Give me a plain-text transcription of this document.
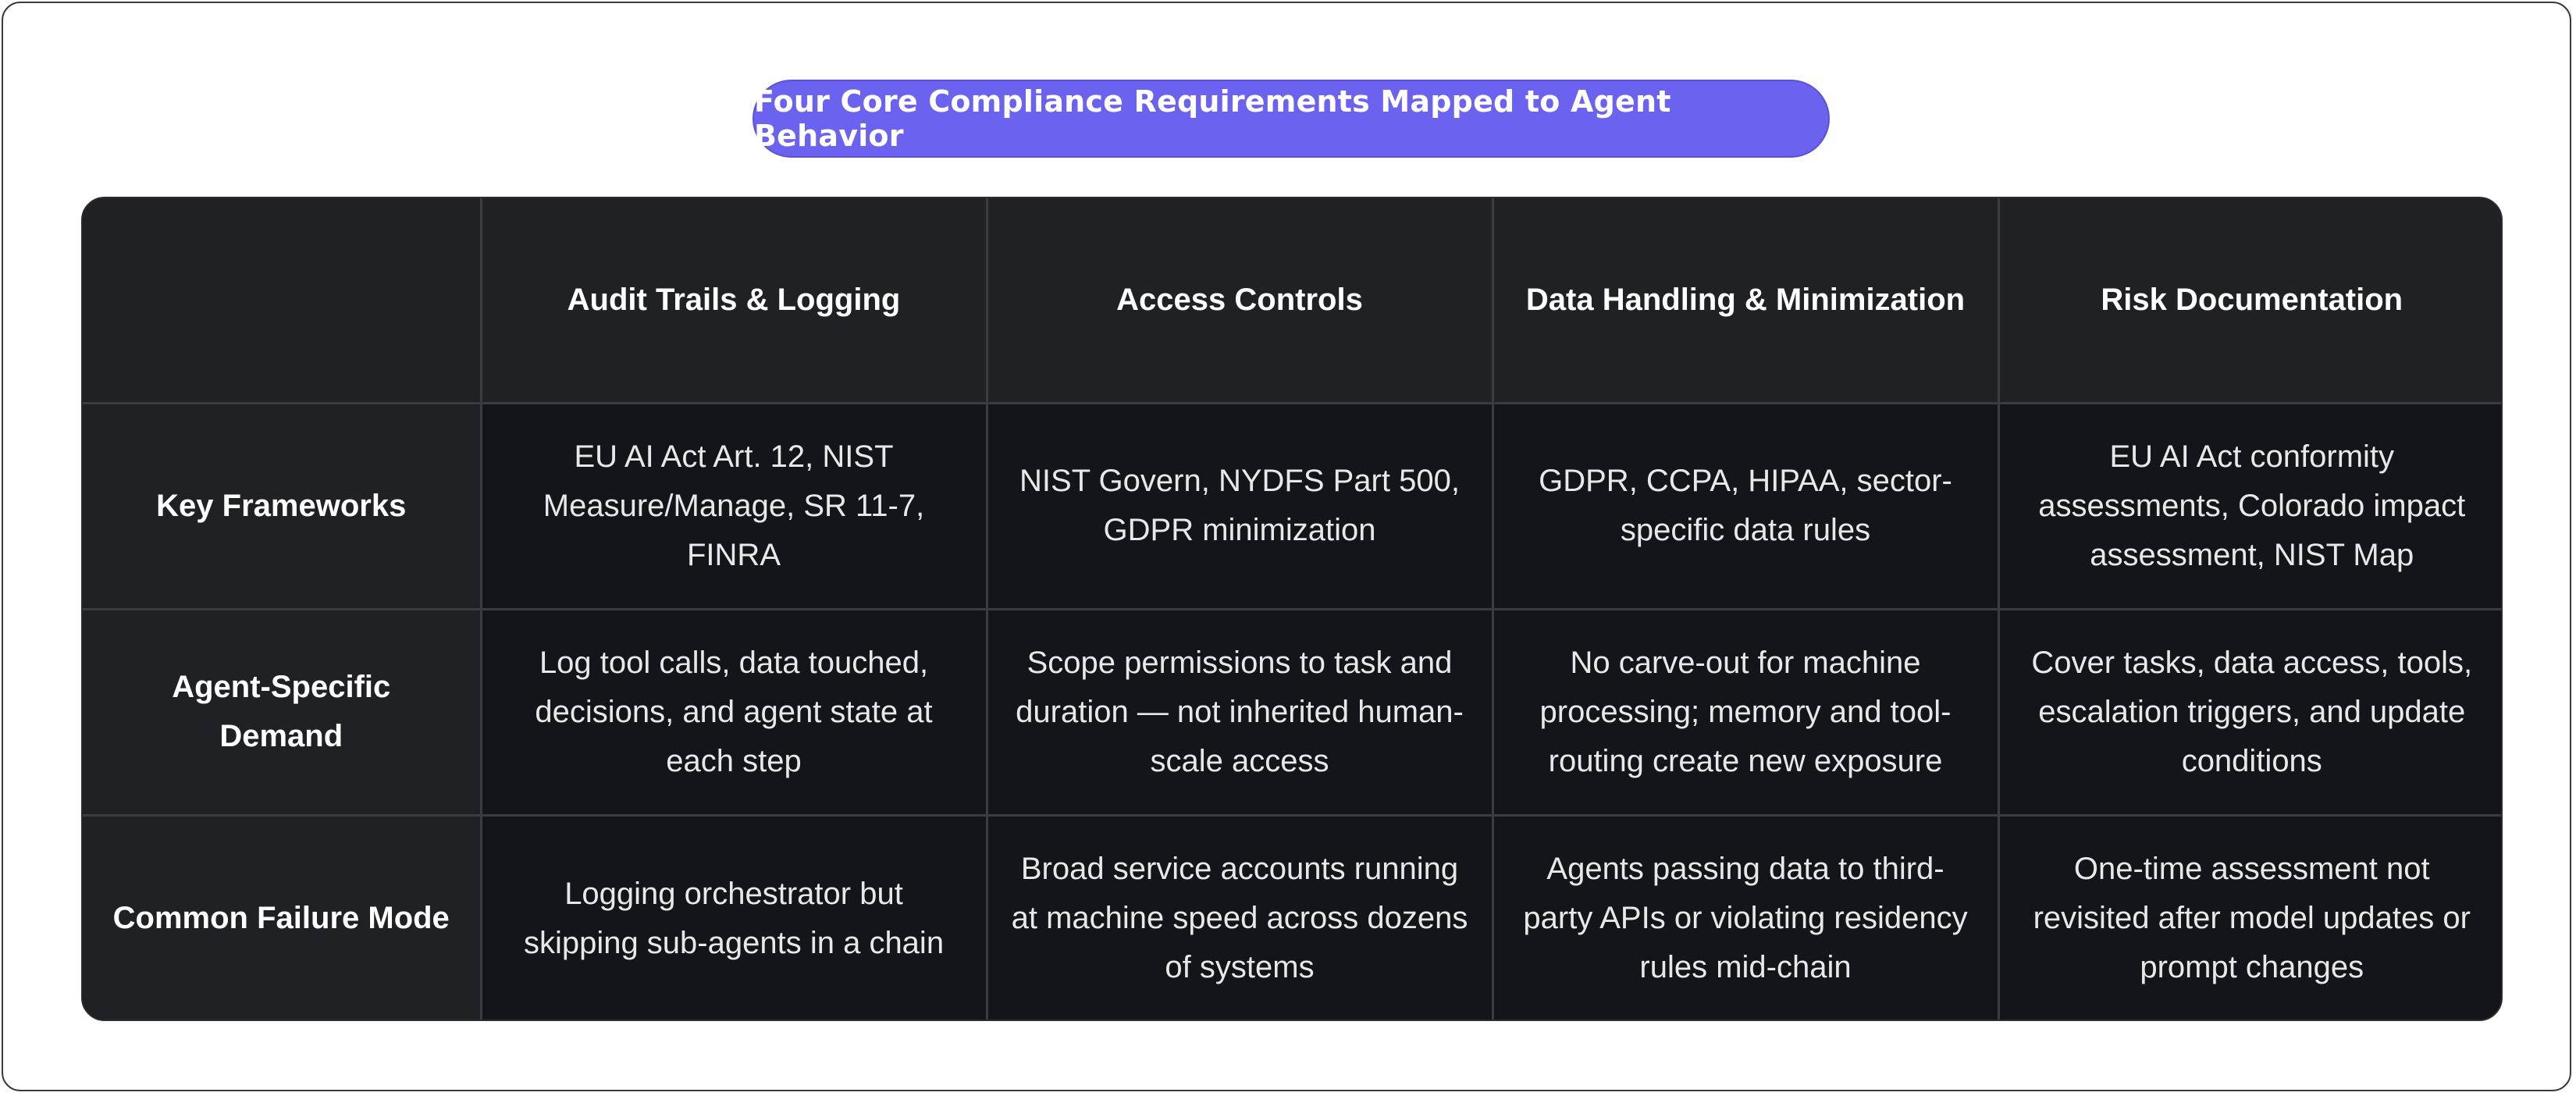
Four Core Compliance Requirements Mapped to Agent Behavior
	Audit Trails & Logging	Access Controls	Data Handling & Minimization	Risk Documentation
Key Frameworks	EU AI Act Art. 12, NIST Measure/Manage, SR 11-7, FINRA	NIST Govern, NYDFS Part 500, GDPR minimization	GDPR, CCPA, HIPAA, sector-specific data rules	EU AI Act conformity assessments, Colorado impact assessment, NIST Map
Agent-Specific Demand	Log tool calls, data touched, decisions, and agent state at each step	Scope permissions to task and duration — not inherited human-scale access	No carve-out for machine processing; memory and tool-routing create new exposure	Cover tasks, data access, tools, escalation triggers, and update conditions
Common Failure Mode	Logging orchestrator but skipping sub-agents in a chain	Broad service accounts running at machine speed across dozens of systems	Agents passing data to third-party APIs or violating residency rules mid-chain	One-time assessment not revisited after model updates or prompt changes
